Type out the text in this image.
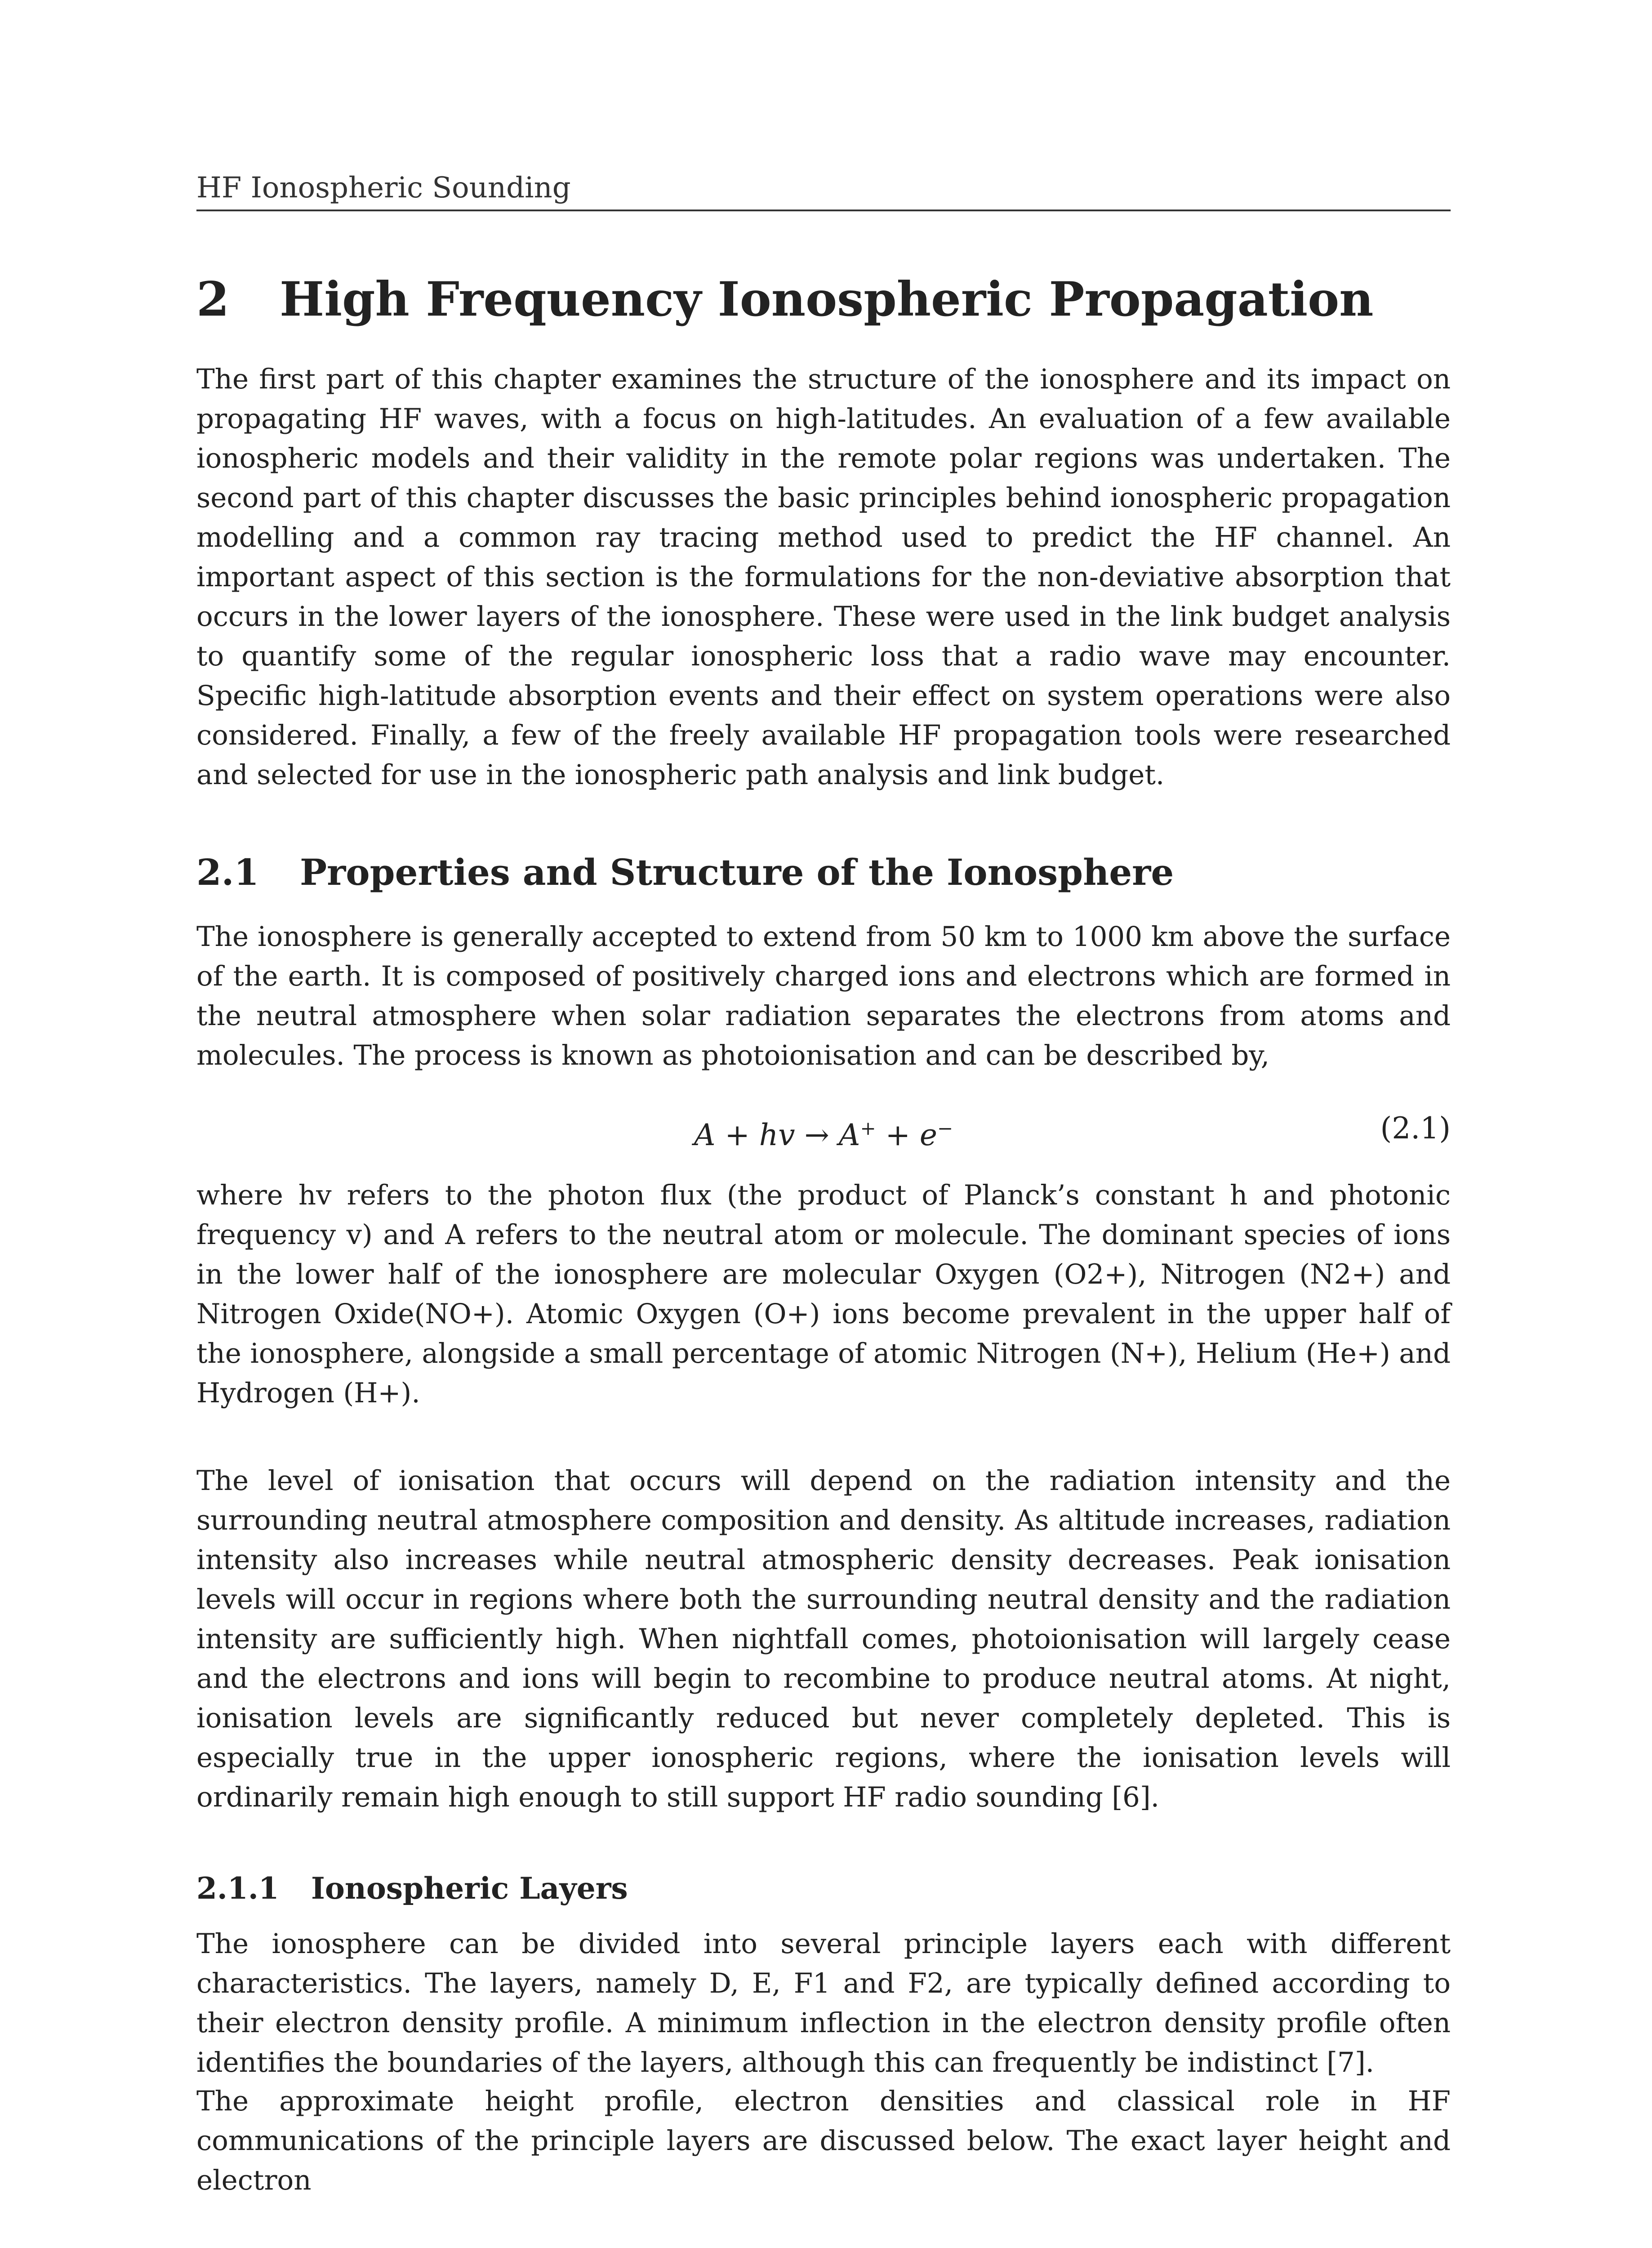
HF Ionospheric Sounding
2 High Frequency Ionospheric Propagation

The first part of this chapter examines the structure of the ionosphere and its impact on propagating HF waves, with a focus on high-latitudes. An evaluation of a few available ionospheric models and their validity in the remote polar regions was undertaken. The second part of this chapter discusses the basic principles behind ionospheric propagation modelling and a common ray tracing method used to predict the HF channel. An important aspect of this section is the formulations for the non-deviative absorption that occurs in the lower layers of the ionosphere. These were used in the link budget analysis to quantify some of the regular ionospheric loss that a radio wave may encounter. Specific high-latitude absorption events and their effect on system operations were also considered. Finally, a few of the freely available HF propagation tools were researched and selected for use in the ionospheric path analysis and link budget.

2.1 Properties and Structure of the Ionosphere

The ionosphere is generally accepted to extend from 50 km to 1000 km above the surface of the earth. It is composed of positively charged ions and electrons which are formed in the neutral atmosphere when solar radiation separates the electrons from atoms and molecules. The process is known as photoionisation and can be described by,

A + hv → A+ + e−	(2.1)

where hv refers to the photon flux (the product of Planck’s constant h and photonic frequency v) and A refers to the neutral atom or molecule. The dominant species of ions in the lower half of the ionosphere are molecular Oxygen (O2+), Nitrogen (N2+) and Nitrogen Oxide(NO+). Atomic Oxygen (O+) ions become prevalent in the upper half of the ionosphere, alongside a small percentage of atomic Nitrogen (N+), Helium (He+) and Hydrogen (H+).

The level of ionisation that occurs will depend on the radiation intensity and the surrounding neutral atmosphere composition and density. As altitude increases, radiation intensity also increases while neutral atmospheric density decreases. Peak ionisation levels will occur in regions where both the surrounding neutral density and the radiation intensity are sufficiently high. When nightfall comes, photoionisation will largely cease and the electrons and ions will begin to recombine to produce neutral atoms. At night, ionisation levels are significantly reduced but never completely depleted. This is especially true in the upper ionospheric regions, where the ionisation levels will ordinarily remain high enough to still support HF radio sounding [6].

2.1.1 Ionospheric Layers

The ionosphere can be divided into several principle layers each with different characteristics. The layers, namely D, E, F1 and F2, are typically defined according to their electron density profile. A minimum inflection in the electron density profile often identifies the boundaries of the layers, although this can frequently be indistinct [7].

The approximate height profile, electron densities and classical role in HF communications of the principle layers are discussed below. The exact layer height and electron
